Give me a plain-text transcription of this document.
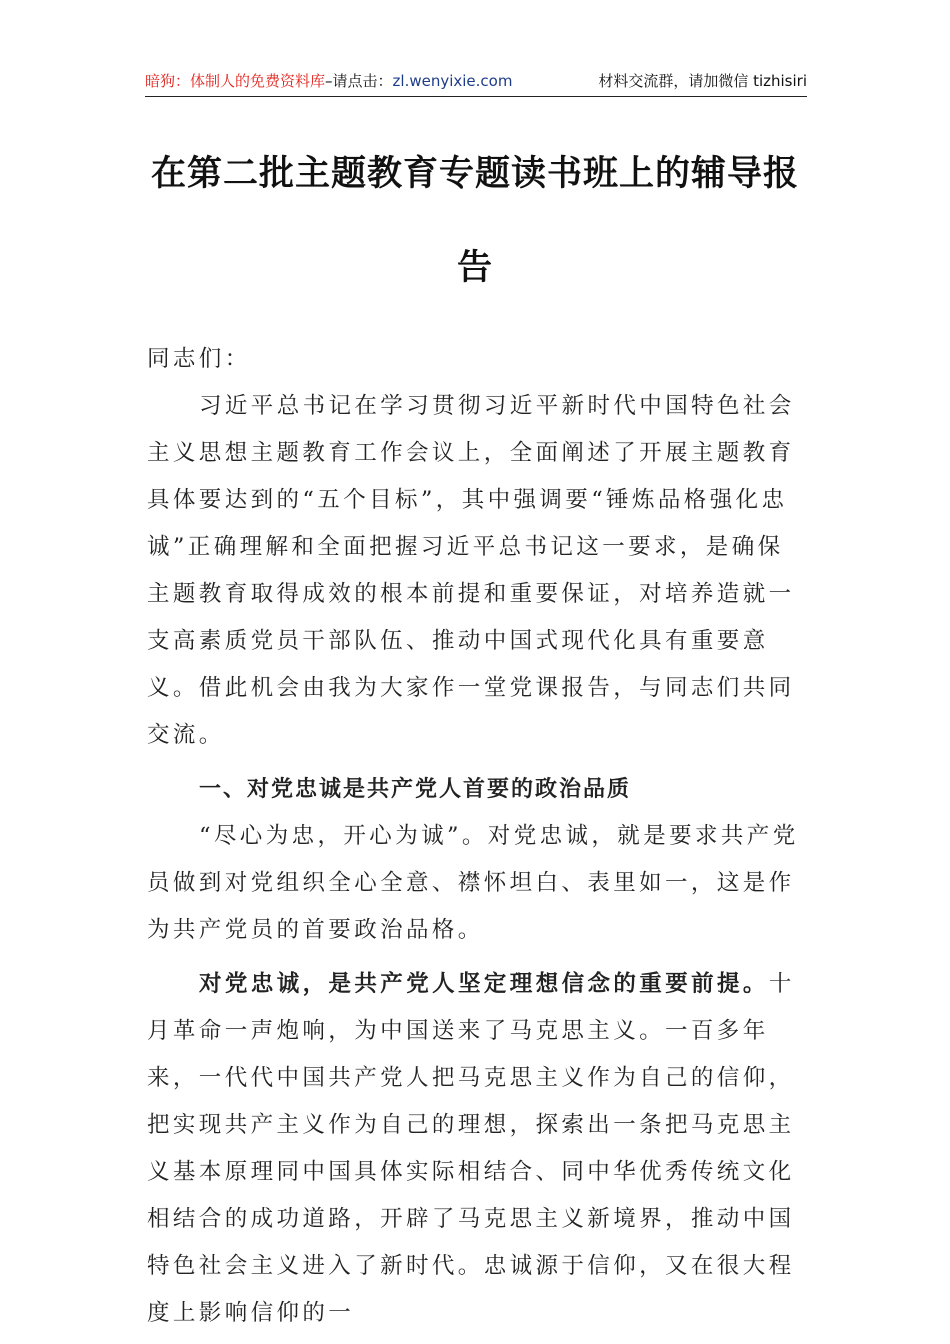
暗狗：体制人的免费资料库–请点击：zl.wenyixie.com	材料交流群，请加微信 tizhisiri
在第二批主题教育专题读书班上的辅导报
告

同志们：

习近平总书记在学习贯彻习近平新时代中国特色社会主义思想主题教育工作会议上，全面阐述了开展主题教育具体要达到的“五个目标”，其中强调要“锤炼品格强化忠诚”正确理解和全面把握习近平总书记这一要求，是确保主题教育取得成效的根本前提和重要保证，对培养造就一支高素质党员干部队伍、推动中国式现代化具有重要意义。借此机会由我为大家作一堂党课报告，与同志们共同交流。

一、对党忠诚是共产党人首要的政治品质

“尽心为忠，开心为诚”。对党忠诚，就是要求共产党员做到对党组织全心全意、襟怀坦白、表里如一，这是作为共产党员的首要政治品格。

对党忠诚，是共产党人坚定理想信念的重要前提。十月革命一声炮响，为中国送来了马克思主义。一百多年来，一代代中国共产党人把马克思主义作为自己的信仰，把实现共产主义作为自己的理想，探索出一条把马克思主义基本原理同中国具体实际相结合、同中华优秀传统文化相结合的成功道路，开辟了马克思主义新境界，推动中国特色社会主义进入了新时代。忠诚源于信仰，又在很大程度上影响信仰的一
